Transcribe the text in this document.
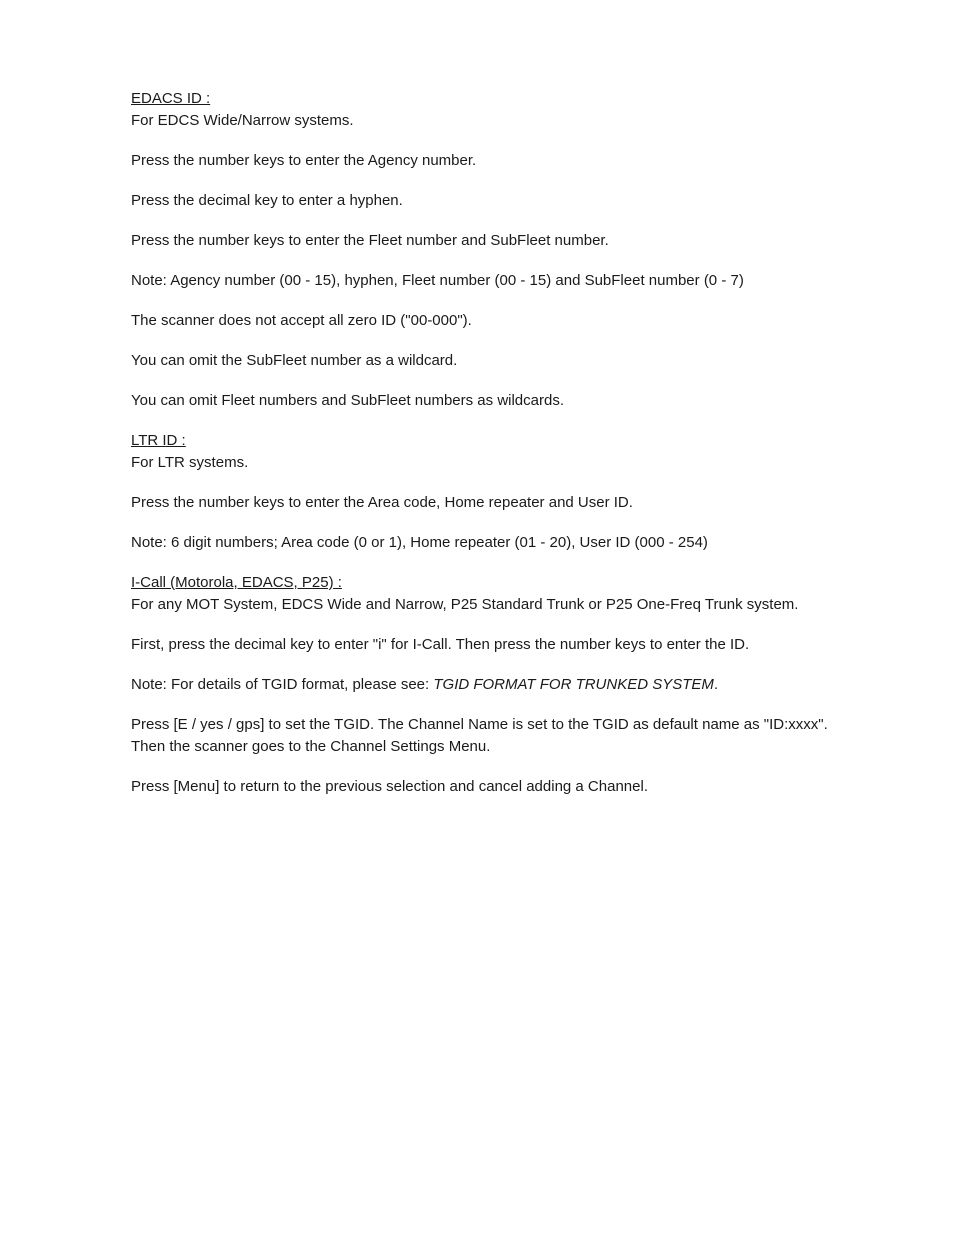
EDACS ID :
For EDCS Wide/Narrow systems.

Press the number keys to enter the Agency number.

Press the decimal key to enter a hyphen.

Press the number keys to enter the Fleet number and SubFleet number.

Note: Agency number (00 - 15), hyphen, Fleet number (00 - 15) and SubFleet number (0 - 7)

The scanner does not accept all zero ID ("00-000").

You can omit the SubFleet number as a wildcard.

You can omit Fleet numbers and SubFleet numbers as wildcards.

LTR ID :
For LTR systems.

Press the number keys to enter the Area code, Home repeater and User ID.

Note: 6 digit numbers; Area code (0 or 1), Home repeater (01 - 20), User ID (000 - 254)

I-Call (Motorola, EDACS, P25) :
For any MOT System, EDCS Wide and Narrow, P25 Standard Trunk or P25 One-Freq Trunk system.

First, press the decimal key to enter "i" for I-Call. Then press the number keys to enter the ID.

Note: For details of TGID format, please see: TGID FORMAT FOR TRUNKED SYSTEM.

Press [E / yes / gps] to set the TGID. The Channel Name is set to the TGID as default name as "ID:xxxx".
Then the scanner goes to the Channel Settings Menu.

Press [Menu] to return to the previous selection and cancel adding a Channel.
